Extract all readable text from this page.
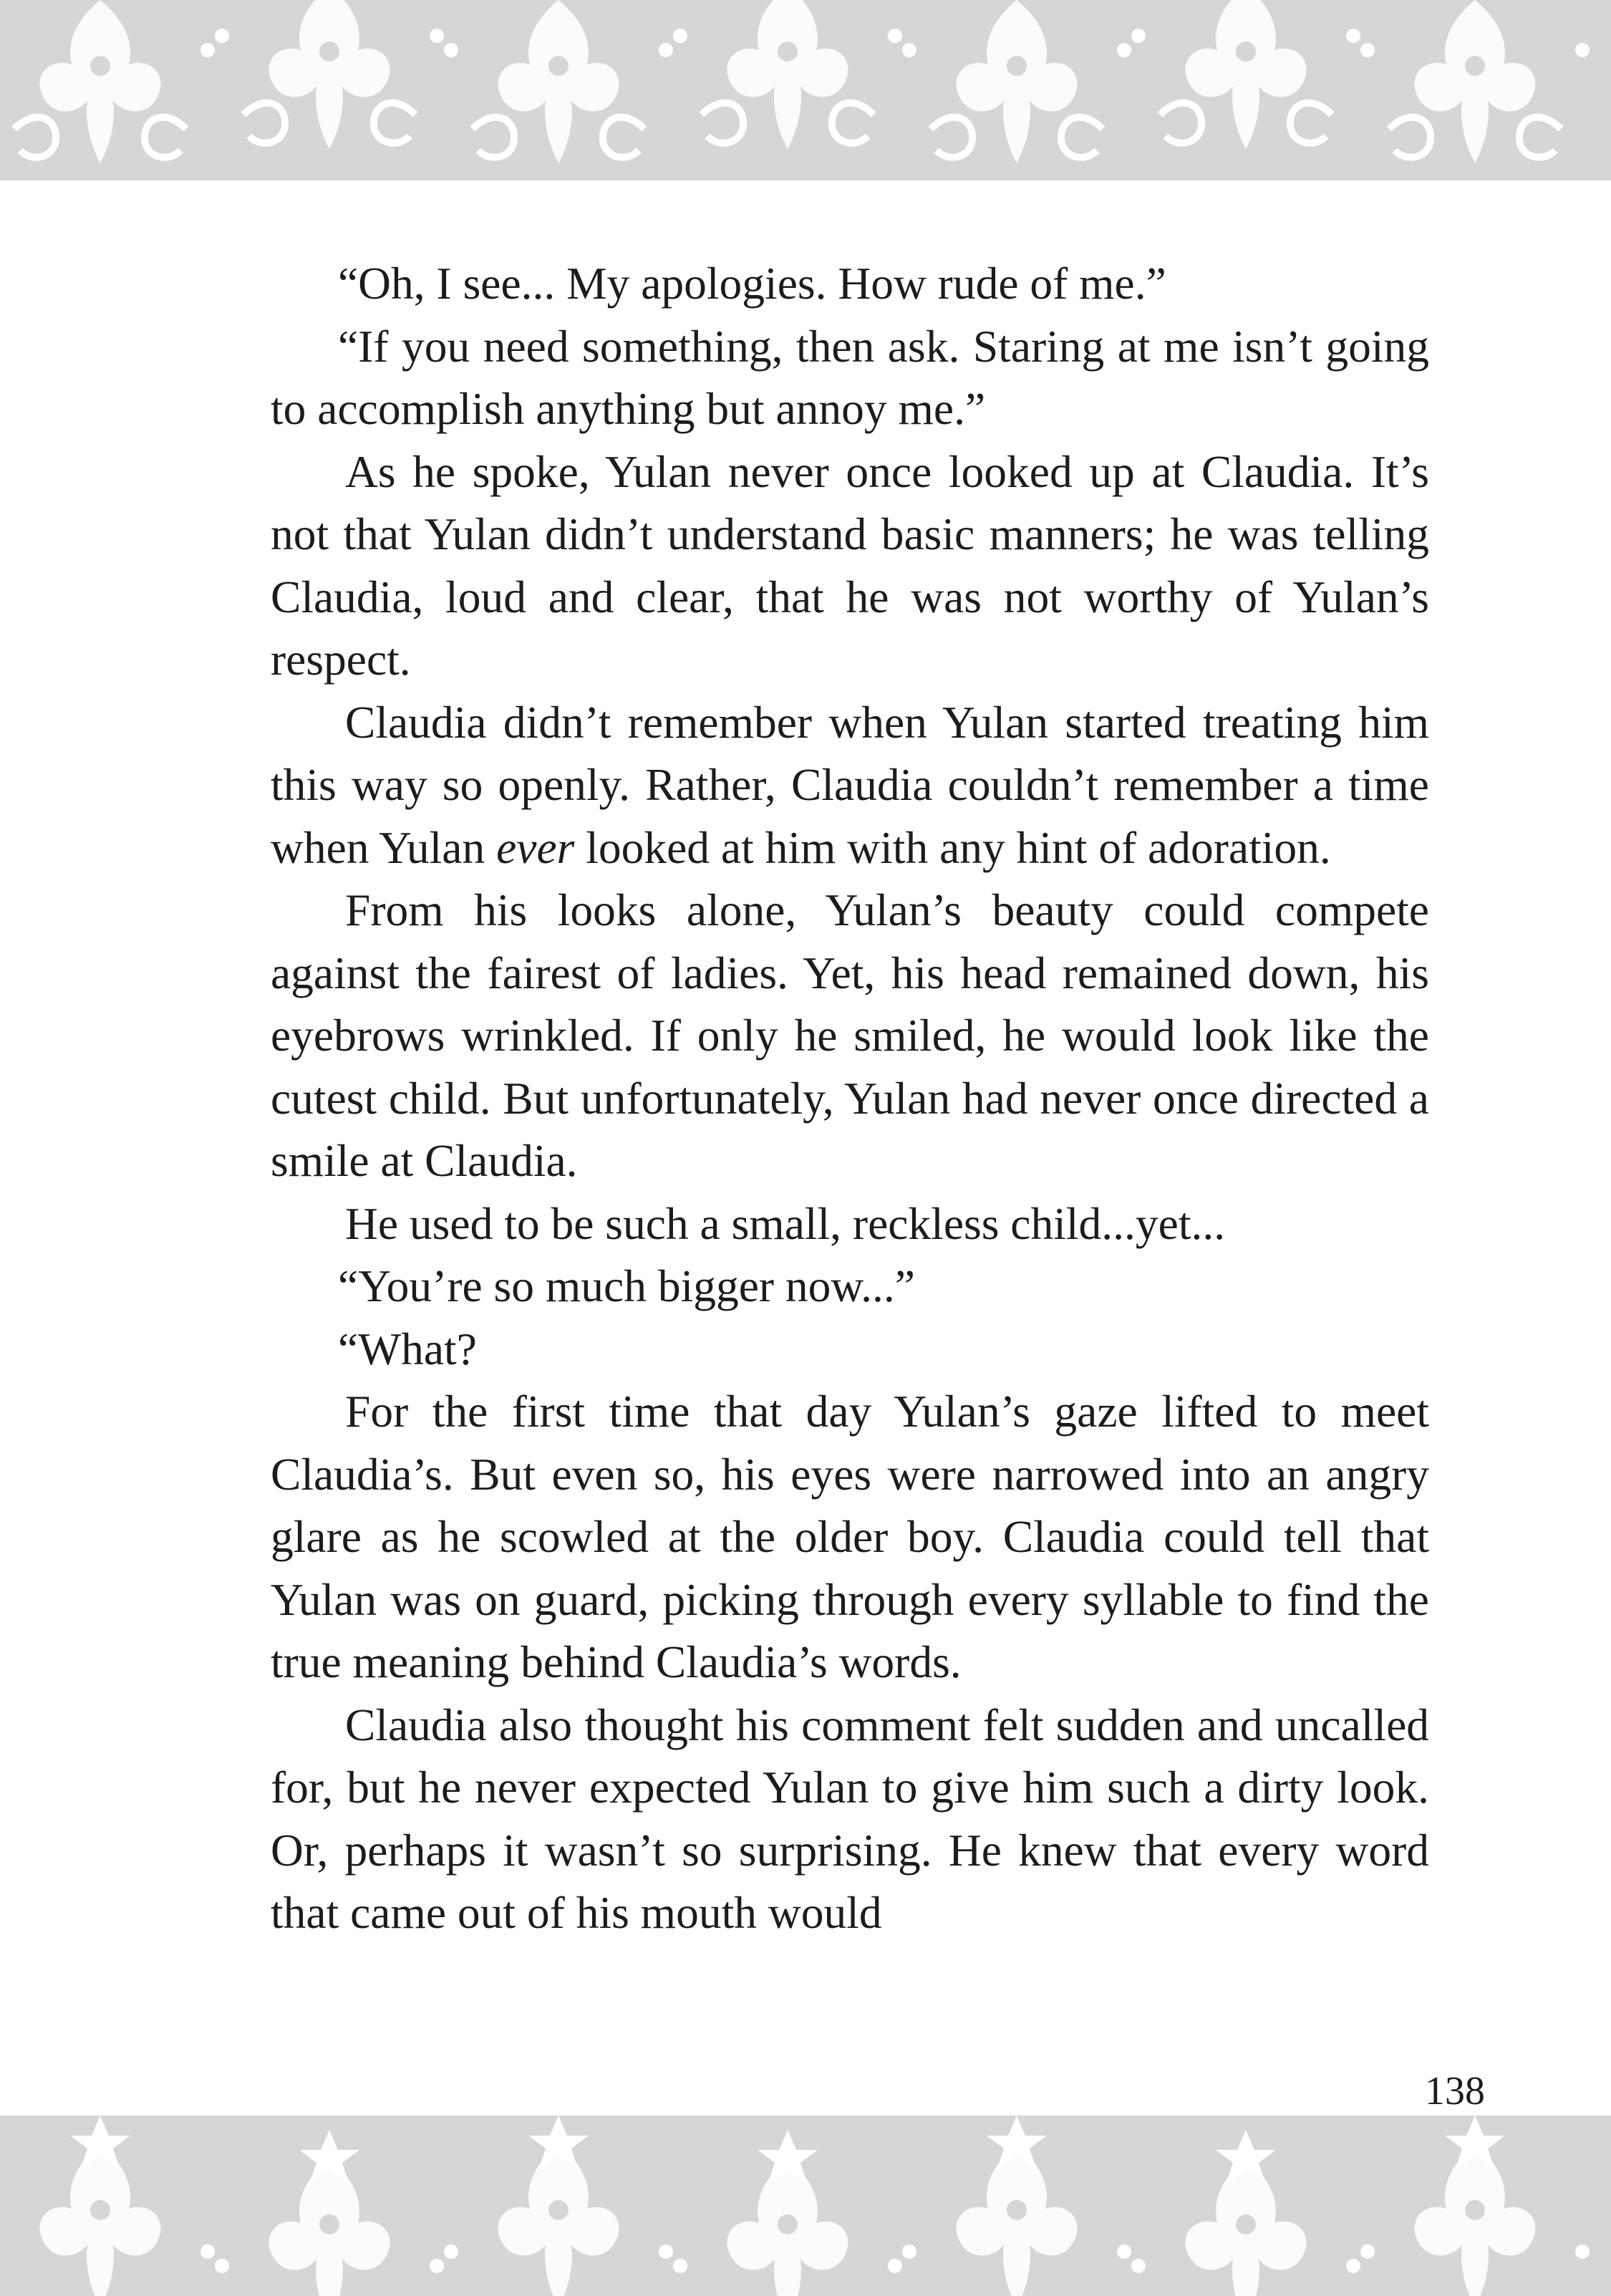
“Oh, I see... My apologies. How rude of me.”

“If you need something, then ask. Staring at me isn’t going to accomplish anything but annoy me.”

As he spoke, Yulan never once looked up at Claudia. It’s not that Yulan didn’t understand basic manners; he was telling Claudia, loud and clear, that he was not worthy of Yulan’s respect.

Claudia didn’t remember when Yulan started treating him this way so openly. Rather, Claudia couldn’t remember a time when Yulan ever looked at him with any hint of adoration.

From his looks alone, Yulan’s beauty could compete against the fairest of ladies. Yet, his head remained down, his eyebrows wrinkled. If only he smiled, he would look like the cutest child. But unfortunately, Yulan had never once directed a smile at Claudia.

He used to be such a small, reckless child...yet...

“You’re so much bigger now...”

“What?

For the first time that day Yulan’s gaze lifted to meet Claudia’s. But even so, his eyes were narrowed into an angry glare as he scowled at the older boy. Claudia could tell that Yulan was on guard, picking through every syllable to find the true meaning behind Claudia’s words.

Claudia also thought his comment felt sudden and uncalled for, but he never expected Yulan to give him such a dirty look. Or, perhaps it wasn’t so surprising. He knew that every word that came out of his mouth would

138
